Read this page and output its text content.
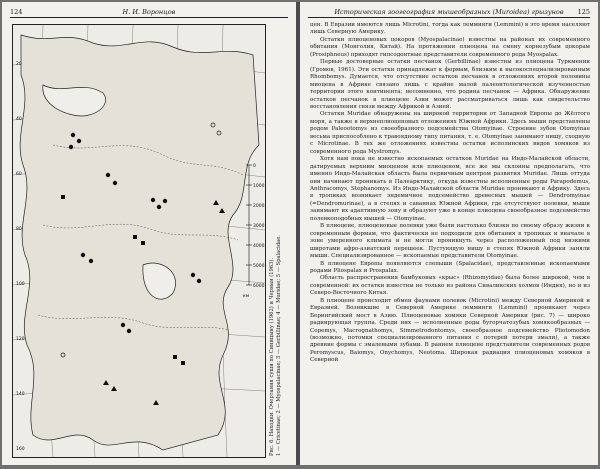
124	Н. И. Воронцов
0
1000
2000
3000
4000
5000
6000
км
20
40
60
80
100
120
140
160	Рис. 6. Находки. Очертания суши по Синицыну (1962) и Черман (1963). 1 — Cricetinae; 2 — Myospalacinae; 3 — Gerbillinae; 4 — Muridae; 5 — Spalacidae.
Историческая зоогеография мышеобразных (Muroidea) грызунов	125

цен. В Евразии имеются лишь Microtini, тогда как лемминги (Lemmini) в это время населяют лишь Северную Америку.

Остатки плиоценовых цокоров (Myospalacinae) известны на районах их современного обитания (Монголия, Китай). На протяжении плиоцена на смену корнезубым цокорам (Prosiphneus) приходят гипсодонтные представители современного рода Myospalax.

Первые достоверные остатки песчанок (Gerbillinae) известны из плиоцена Туркмении (Громов, 1961). Эти остатки принадлежат к формам, близким к высокоспециализированным Rhombomys. Думается, что отсутствие остатков песчанок в отложениях второй половины миоцена в Африке связано лишь с крайне малой палеонтологической изученностью территории этого континента; несомненно, что родина песчанок — Африка. Обнаружение остатков песчанок в плиоцене Азии может рассматриваться лишь как свидетельство восстановления связи между Африкой и Азией.

Остатки Muridae обнаружены на широкой территории от Западной Европы до Жёлтого моря, а также в верхнеплиоценовых отложениях Южной Африки. Здесь мыши представлены родом Paleootomys из своеобразного подсемейства Otomyinae. Строение зубов Otomyinae весьма приспособлено к травоядному типу питания, т. е. Otomyinae занимают нишу, сходную с Microtinae. В тех же отложениях известны остатки исполинских видов хомяков из современного рода Mystromys.

Хотя нам пока не известно ископаемых остатков Muridae на Индо-Малайской области, датируемых верхним миоценом или плиоценом, все же мы склонны предполагать, что именно Индо-Малайская область была первичным центром развития Muridae. Лишь оттуда они начинают проникать в Палеарктику, откуда известны исполненные роды Parapodemus, Anthracomys, Stephanomys. Из Индо-Малайской области Muridae проникают в Африку. Здесь в тропиках возникает эндемичное подсемейство древесных мышей — Dendromyinae (=Dendromurinae), а в степях и саваннах Южной Африки, где отсутствуют полевки, мыши занимают их адаптивную зону и образуют уже в конце плиоцена своеобразное подсемейство полевкоподобных мышей — Otomyinae.

В плиоцене, плиоценовые полевки уже были настолько близки по своему образу жизни к современным формам, что фактически не подходили для обитания в тропиках и вначале в зоне умеренного климата и не могли проникнуть через расположенный под низкими широтами афро-азиатский перешеек. Пустующую нишу в степях Южной Африки заняли мыши. Специализированное — ископаемые представители Otomyinae.

В плиоцене Европы появляются слепыши (Spalacidae), представленные ископаемыми родами Pliospalax и Prospalax.

Область распространения бамбуковых «крыс» (Rhizomyidae) была более широкой, чем в современной: их остатки известны не только из района Сиваликских холмов (Индия), но и из Северо-Восточного Китая.

В плиоцене происходит обмен фаунами полевок (Microtini) между Северной Америкой и Евразией. Возникшие в Северной Америке лемминги (Lemmini) проникают через Берингийский мост в Азию. Плиоценовые хомяки Северной Америки (рис. 7) — широко радиирующая группа. Среди них — исполненные роды бугорчатозубых хомякообразных — Copemys, Macrognathomys, Simmetrodontomys, своеобразное подсемейство Pliotomodon (возможно, потомки специализированного питания с потерей потери эмали), а также древние формы с эмалевыми зубами. В раннем плиоцене представители современных родов Peromyscus, Baiomys, Onychomys, Neotoma. Широкая радиация плиоценовых хомяков в Северной
